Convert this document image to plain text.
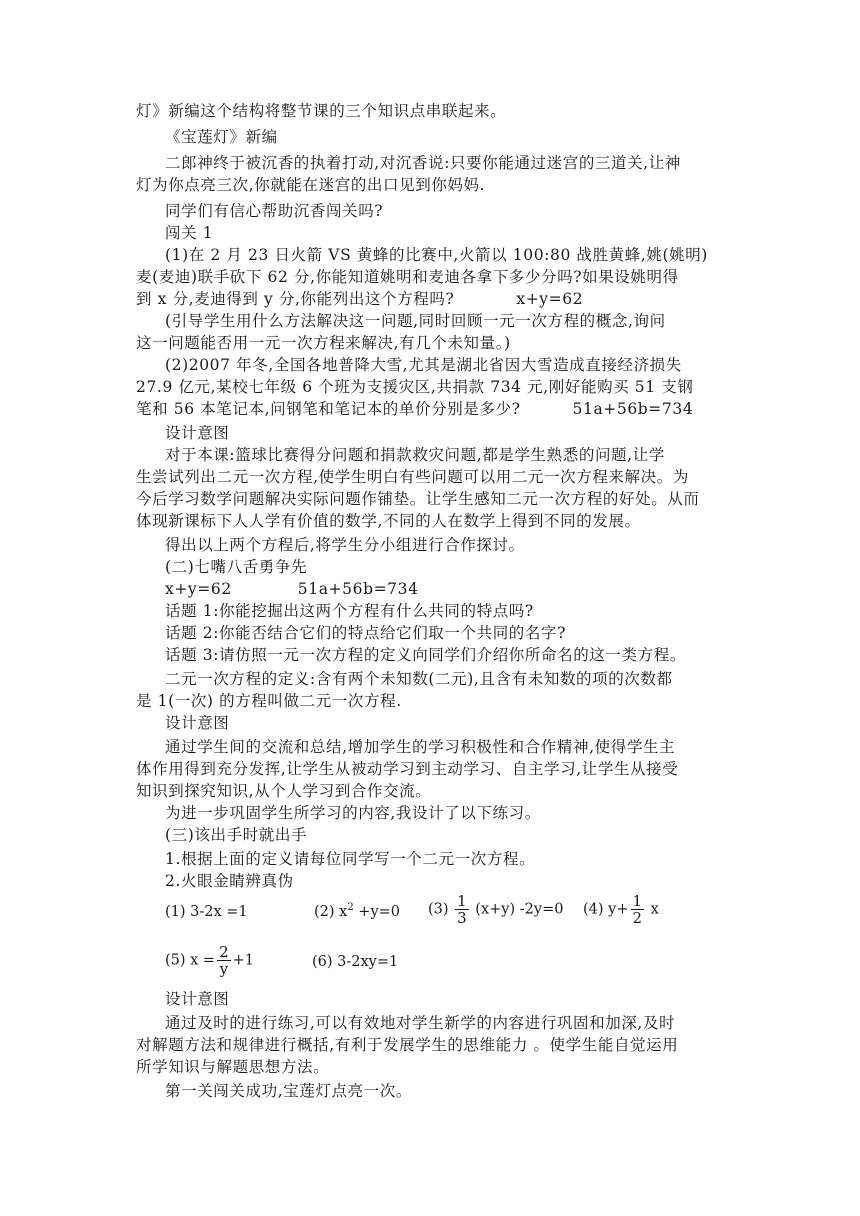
灯》新编这个结构将整节课的三个知识点串联起来。
《宝莲灯》新编
二郎神终于被沉香的执着打动,对沉香说:只要你能通过迷宫的三道关,让神
灯为你点亮三次,你就能在迷宫的出口见到你妈妈.
同学们有信心帮助沉香闯关吗?
闯关 1
(1)在 2 月 23 日火箭 VS 黄蜂的比赛中,火箭以 100:80 战胜黄蜂,姚(姚明)
麦(麦迪)联手砍下 62 分,你能知道姚明和麦迪各拿下多少分吗?如果设姚明得
到 x 分,麦迪得到 y 分,你能列出这个方程吗?	x+y=62
(引导学生用什么方法解决这一问题,同时回顾一元一次方程的概念,询问
这一问题能否用一元一次方程来解决,有几个未知量。)
(2)2007 年冬,全国各地普降大雪,尤其是湖北省因大雪造成直接经济损失
27.9 亿元,某校七年级 6 个班为支援灾区,共捐款 734 元,刚好能购买 51 支钢
笔和 56 本笔记本,问钢笔和笔记本的单价分别是多少?	51a+56b=734
设计意图
对于本课:篮球比赛得分问题和捐款救灾问题,都是学生熟悉的问题,让学
生尝试列出二元一次方程,使学生明白有些问题可以用二元一次方程来解决。为
今后学习数学问题解决实际问题作铺垫。让学生感知二元一次方程的好处。从而
体现新课标下人人学有价值的数学,不同的人在数学上得到不同的发展。
得出以上两个方程后,将学生分小组进行合作探讨。
(二)七嘴八舌勇争先
x+y=62	51a+56b=734
话题 1:你能挖掘出这两个方程有什么共同的特点吗?
话题 2:你能否结合它们的特点给它们取一个共同的名字?
话题 3:请仿照一元一次方程的定义向同学们介绍你所命名的这一类方程。
二元一次方程的定义:含有两个未知数(二元),且含有未知数的项的次数都
是 1(一次) 的方程叫做二元一次方程.
设计意图
通过学生间的交流和总结,增加学生的学习积极性和合作精神,使得学生主
体作用得到充分发挥,让学生从被动学习到主动学习、自主学习,让学生从接受
知识到探究知识,从个人学习到合作交流。
为进一步巩固学生所学习的内容,我设计了以下练习。
(三)该出手时就出手
1.根据上面的定义请每位同学写一个二元一次方程。
2.火眼金睛辨真伪
(1) 3-2x =1	(2) $x^2 +y=0$ $(3) \frac{1}{3} (x+y)$ -2y=0 (4) $y+ \frac{1}{2}$ x
(5) $x = \frac{2}{y} +1$	(6) 3-2xy=1
设计意图
通过及时的进行练习,可以有效地对学生新学的内容进行巩固和加深,及时
对解题方法和规律进行概括,有利于发展学生的思维能力 。使学生能自觉运用
所学知识与解题思想方法。
第一关闯关成功,宝莲灯点亮一次。
